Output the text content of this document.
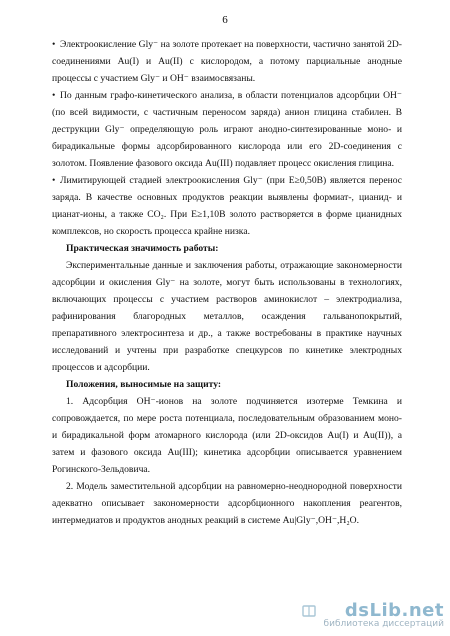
6

• Электроокисление Gly⁻ на золоте протекает на поверхности, частично занятой 2D-соединениями Au(I) и Au(II) с кислородом, а потому парциальные анодные процессы с участием Gly⁻ и OH⁻ взаимосвязаны.

• По данным графо-кинетического анализа, в области потенциалов адсорбции OH⁻ (по всей видимости, с частичным переносом заряда) анион глицина стабилен. В деструкции Gly⁻ определяющую роль играют анодно-синтезированные моно- и бирадикальные формы адсорбированного кислорода или его 2D-соединения с золотом. Появление фазового оксида Au(III) подавляет процесс окисления глицина.

• Лимитирующей стадией электроокисления Gly⁻ (при E≥0,50В) является перенос заряда. В качестве основных продуктов реакции выявлены формиат-, цианид- и цианат-ионы, а также CO₂. При E≥1,10В золото растворяется в форме цианидных комплексов, но скорость процесса крайне низка.

Практическая значимость работы:

Экспериментальные данные и заключения работы, отражающие закономерности адсорбции и окисления Gly⁻ на золоте, могут быть использованы в технологиях, включающих процессы с участием растворов аминокислот – электродиализа, рафинирования благородных металлов, осаждения гальванопокрытий, препаративного электросинтеза и др., а также востребованы в практике научных исследований и учтены при разработке спецкурсов по кинетике электродных процессов и адсорбции.

Положения, выносимые на защиту:

1. Адсорбция OH⁻-ионов на золоте подчиняется изотерме Темкина и сопровождается, по мере роста потенциала, последовательным образованием моно- и бирадикальной форм атомарного кислорода (или 2D-оксидов Au(I) и Au(II)), а затем и фазового оксида Au(III); кинетика адсорбции описывается уравнением Рогинского-Зельдовича.

2. Модель заместительной адсорбции на равномерно-неоднородной поверхности адекватно описывает закономерности адсорбционного накопления реагентов, интермедиатов и продуктов анодных реакций в системе Au|Gly⁻,OH⁻,H₂O.

dsLib.net
библиотека диссертаций
